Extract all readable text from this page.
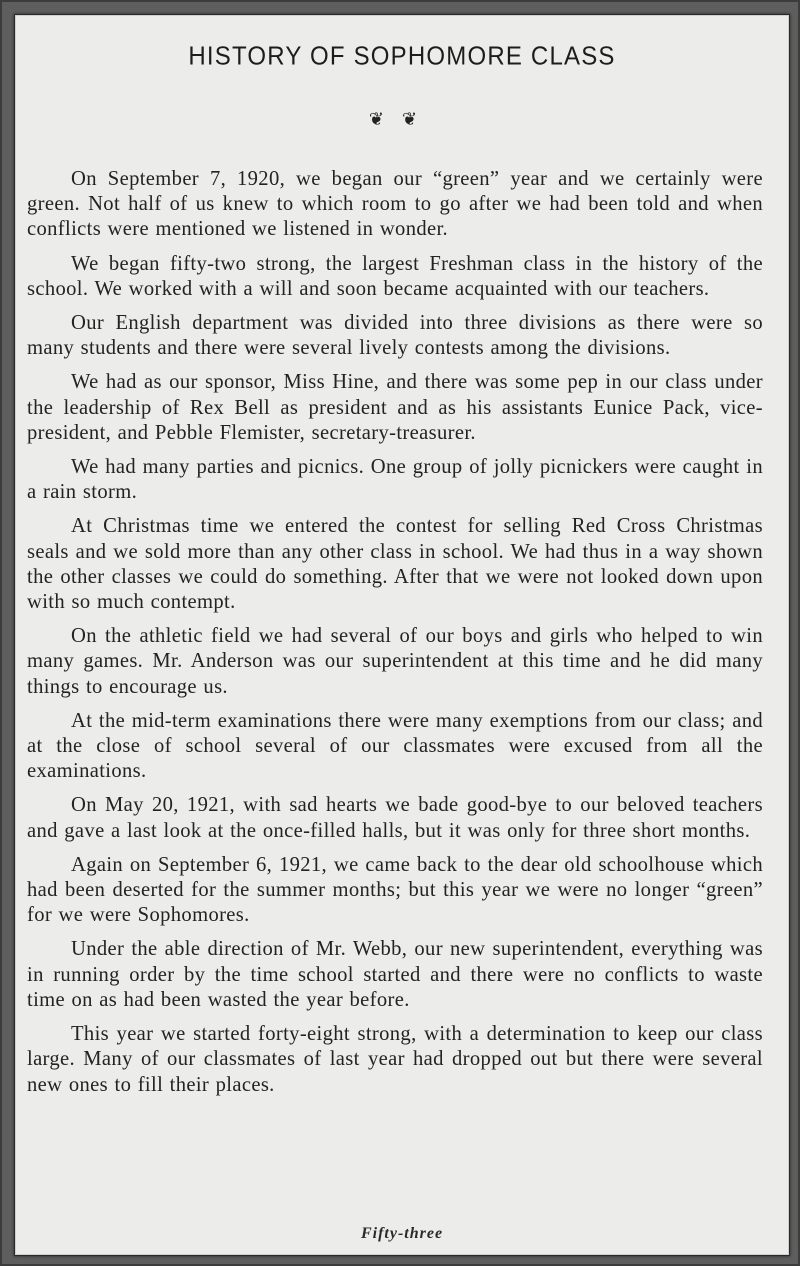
HISTORY OF SOPHOMORE CLASS
❦❦

On September 7, 1920, we began our “green” year and we certainly were green. Not half of us knew to which room to go after we had been told and when conflicts were mentioned we listened in wonder.

We began fifty-two strong, the largest Freshman class in the history of the school. We worked with a will and soon became acquainted with our teachers.

Our English department was divided into three divisions as there were so many students and there were several lively contests among the divisions.

We had as our sponsor, Miss Hine, and there was some pep in our class under the leadership of Rex Bell as president and as his assistants Eunice Pack, vice-president, and Pebble Flemister, secretary-treasurer.

We had many parties and picnics. One group of jolly picnickers were caught in a rain storm.

At Christmas time we entered the contest for selling Red Cross Christmas seals and we sold more than any other class in school. We had thus in a way shown the other classes we could do something. After that we were not looked down upon with so much contempt.

On the athletic field we had several of our boys and girls who helped to win many games. Mr. Anderson was our superintendent at this time and he did many things to encourage us.

At the mid-term examinations there were many exemptions from our class; and at the close of school several of our classmates were excused from all the examinations.

On May 20, 1921, with sad hearts we bade good-bye to our beloved teachers and gave a last look at the once-filled halls, but it was only for three short months.

Again on September 6, 1921, we came back to the dear old schoolhouse which had been deserted for the summer months; but this year we were no longer “green” for we were Sophomores.

Under the able direction of Mr. Webb, our new superintendent, everything was in running order by the time school started and there were no conflicts to waste time on as had been wasted the year before.

This year we started forty-eight strong, with a determination to keep our class large. Many of our classmates of last year had dropped out but there were several new ones to fill their places.

Fifty-three
